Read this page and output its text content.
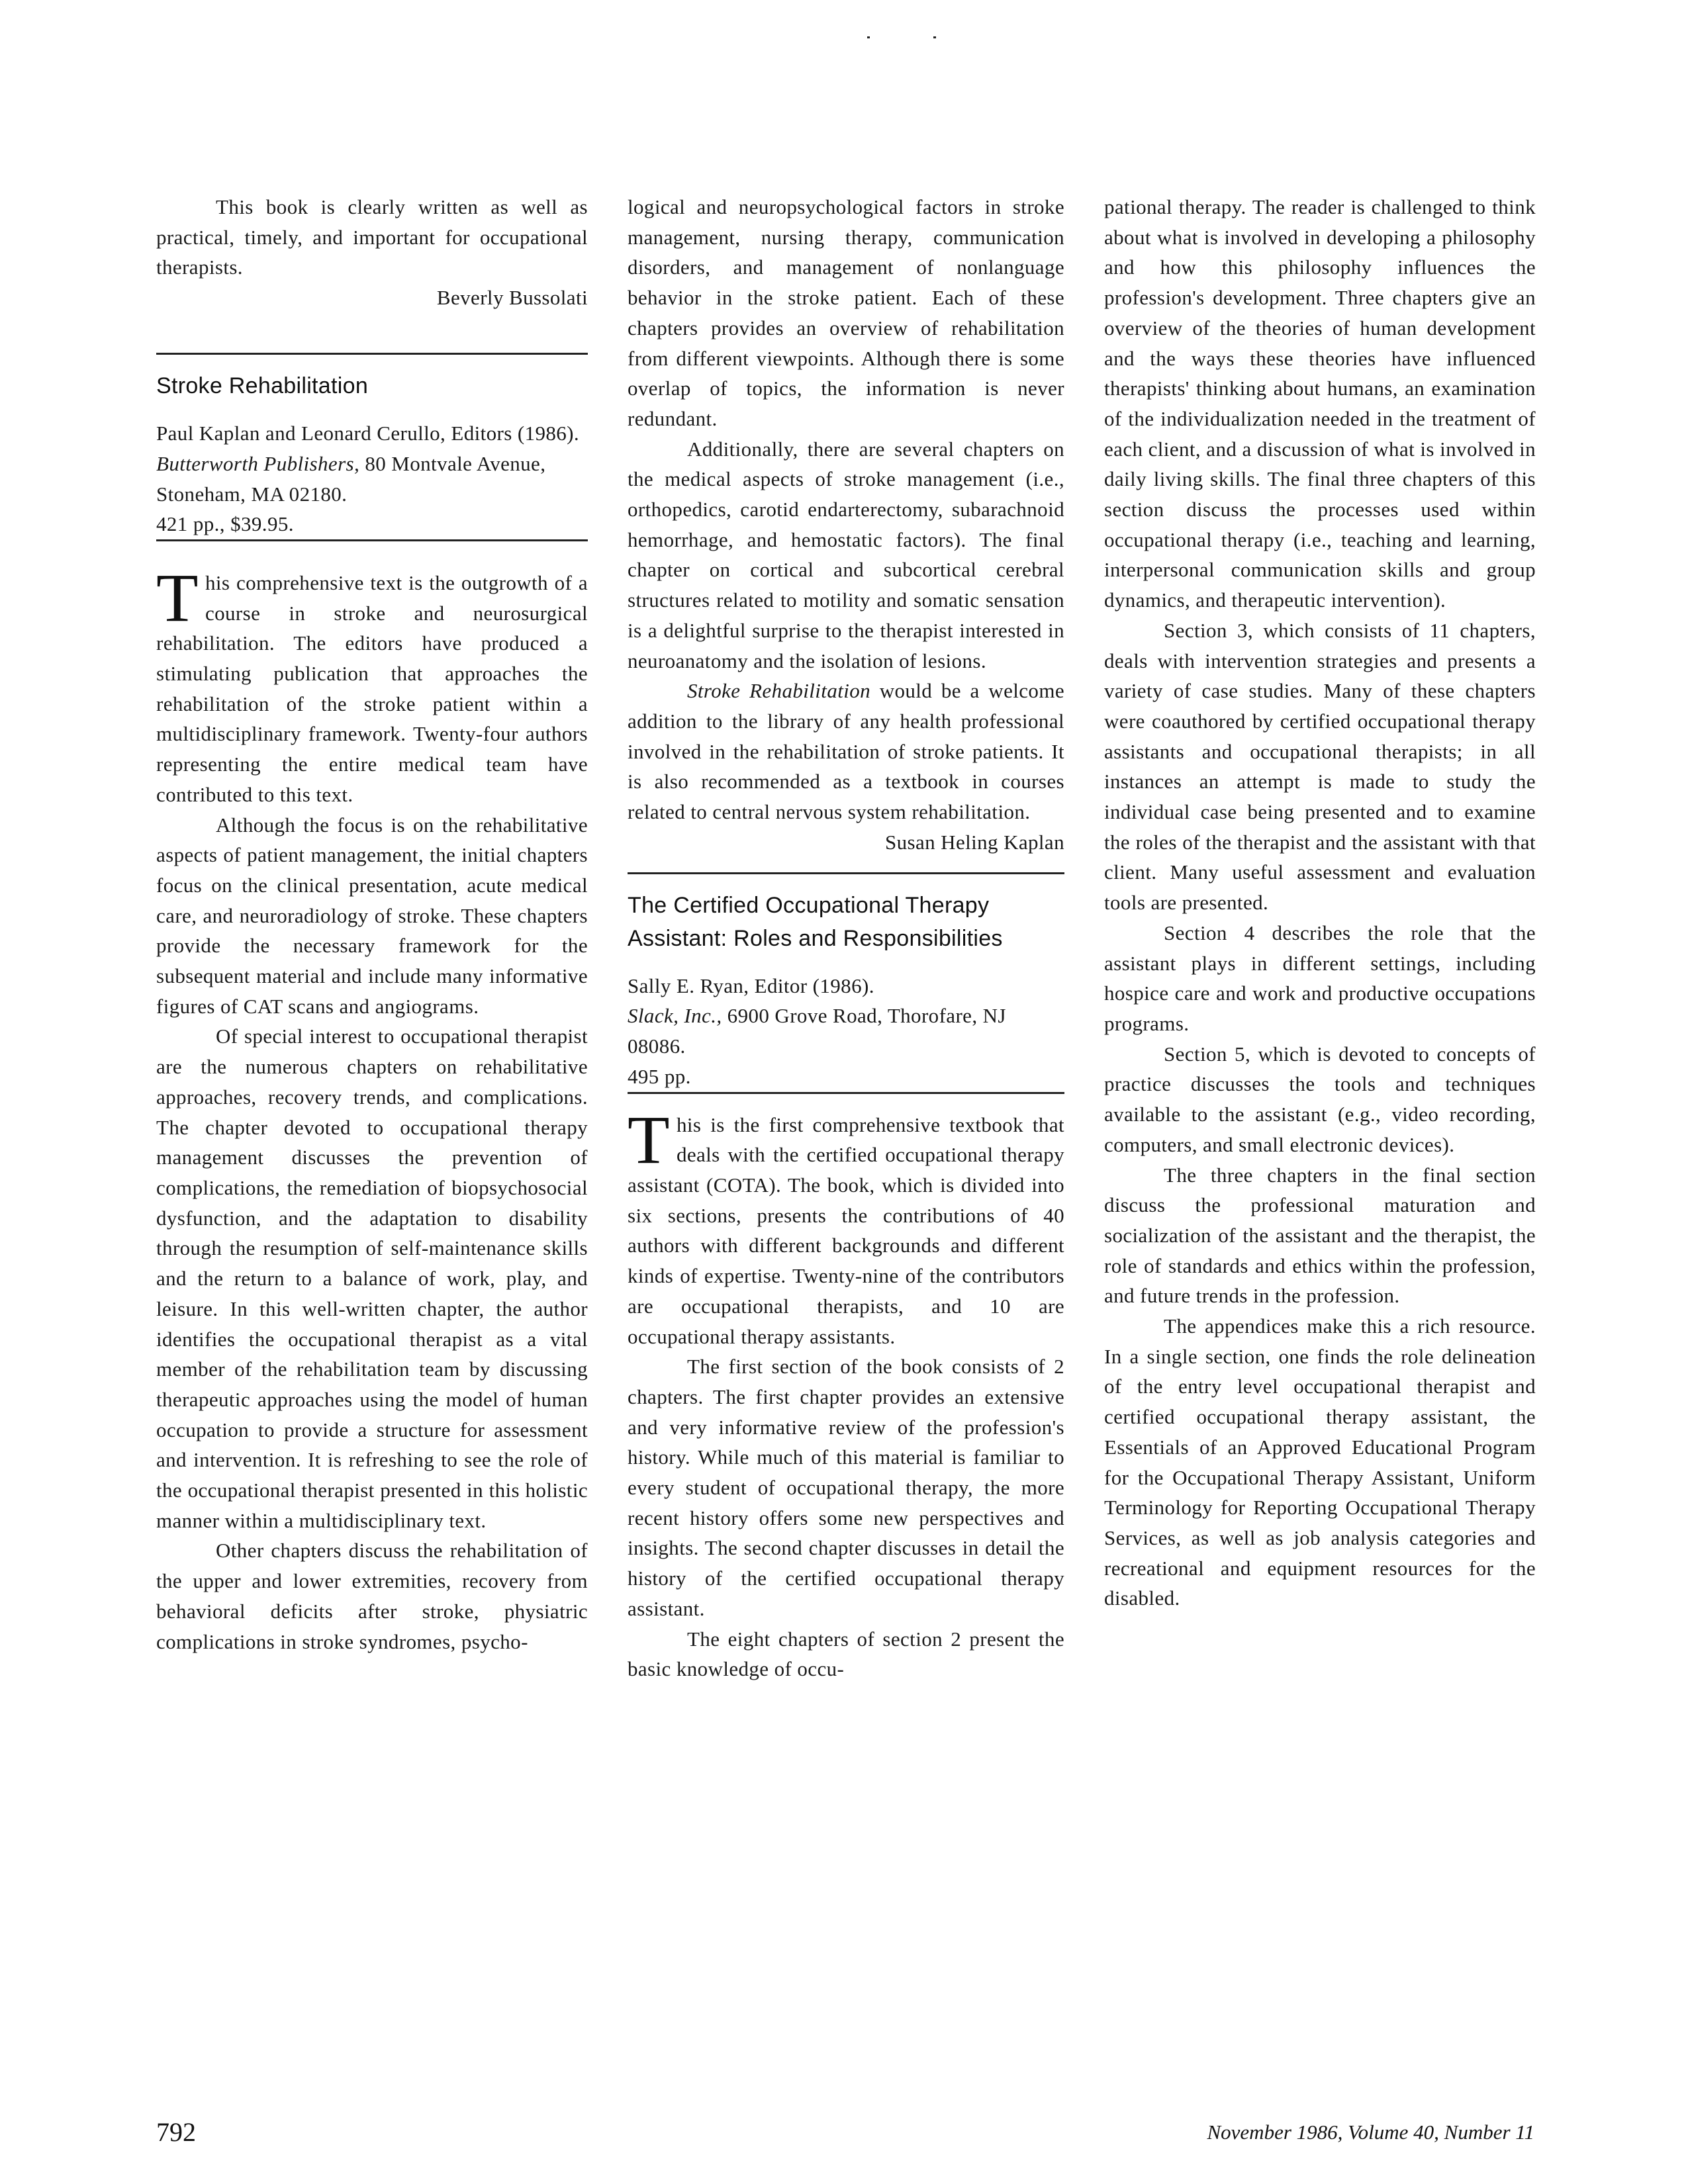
This book is clearly written as well as practical, timely, and important for occupational therapists.

Beverly Bussolati

Stroke Rehabilitation
Paul Kaplan and Leonard Cerullo, Editors (1986).
Butterworth Publishers, 80 Montvale Avenue, Stoneham, MA 02180.
421 pp., $39.95.

This comprehensive text is the outgrowth of a course in stroke and neurosurgical rehabilitation. The editors have produced a stimulating publication that approaches the rehabilitation of the stroke patient within a multidisciplinary framework. Twenty-four authors representing the entire medical team have contributed to this text.

Although the focus is on the rehabilitative aspects of patient management, the initial chapters focus on the clinical presentation, acute medical care, and neuroradiology of stroke. These chapters provide the necessary framework for the subsequent material and include many informative figures of CAT scans and angiograms.

Of special interest to occupational therapist are the numerous chapters on rehabilitative approaches, recovery trends, and complications. The chapter devoted to occupational therapy management discusses the prevention of complications, the remediation of biopsychosocial dysfunction, and the adaptation to disability through the resumption of self-maintenance skills and the return to a balance of work, play, and leisure. In this well-written chapter, the author identifies the occupational therapist as a vital member of the rehabilitation team by discussing therapeutic approaches using the model of human occupation to provide a structure for assessment and intervention. It is refreshing to see the role of the occupational therapist presented in this holistic manner within a multidisciplinary text.

Other chapters discuss the rehabilitation of the upper and lower extremities, recovery from behavioral deficits after stroke, physiatric complications in stroke syndromes, psycho-

logical and neuropsychological factors in stroke management, nursing therapy, communication disorders, and management of nonlanguage behavior in the stroke patient. Each of these chapters provides an overview of rehabilitation from different viewpoints. Although there is some overlap of topics, the information is never redundant.

Additionally, there are several chapters on the medical aspects of stroke management (i.e., orthopedics, carotid endarterectomy, subarachnoid hemorrhage, and hemostatic factors). The final chapter on cortical and subcortical cerebral structures related to motility and somatic sensation is a delightful surprise to the therapist interested in neuroanatomy and the isolation of lesions.

Stroke Rehabilitation would be a welcome addition to the library of any health professional involved in the rehabilitation of stroke patients. It is also recommended as a textbook in courses related to central nervous system rehabilitation.

Susan Heling Kaplan

The Certified Occupational Therapy Assistant: Roles and Responsibilities
Sally E. Ryan, Editor (1986).
Slack, Inc., 6900 Grove Road, Thorofare, NJ 08086.
495 pp.

This is the first comprehensive textbook that deals with the certified occupational therapy assistant (COTA). The book, which is divided into six sections, presents the contributions of 40 authors with different backgrounds and different kinds of expertise. Twenty-nine of the contributors are occupational therapists, and 10 are occupational therapy assistants.

The first section of the book consists of 2 chapters. The first chapter provides an extensive and very informative review of the profession's history. While much of this material is familiar to every student of occupational therapy, the more recent history offers some new perspectives and insights. The second chapter discusses in detail the history of the certified occupational therapy assistant.

The eight chapters of section 2 present the basic knowledge of occu-

pational therapy. The reader is challenged to think about what is involved in developing a philosophy and how this philosophy influences the profession's development. Three chapters give an overview of the theories of human development and the ways these theories have influenced therapists' thinking about humans, an examination of the individualization needed in the treatment of each client, and a discussion of what is involved in daily living skills. The final three chapters of this section discuss the processes used within occupational therapy (i.e., teaching and learning, interpersonal communication skills and group dynamics, and therapeutic intervention).

Section 3, which consists of 11 chapters, deals with intervention strategies and presents a variety of case studies. Many of these chapters were coauthored by certified occupational therapy assistants and occupational therapists; in all instances an attempt is made to study the individual case being presented and to examine the roles of the therapist and the assistant with that client. Many useful assessment and evaluation tools are presented.

Section 4 describes the role that the assistant plays in different settings, including hospice care and work and productive occupations programs.

Section 5, which is devoted to concepts of practice discusses the tools and techniques available to the assistant (e.g., video recording, computers, and small electronic devices).

The three chapters in the final section discuss the professional maturation and socialization of the assistant and the therapist, the role of standards and ethics within the profession, and future trends in the profession.

The appendices make this a rich resource. In a single section, one finds the role delineation of the entry level occupational therapist and certified occupational therapy assistant, the Essentials of an Approved Educational Program for the Occupational Therapy Assistant, Uniform Terminology for Reporting Occupational Therapy Services, as well as job analysis categories and recreational and equipment resources for the disabled.

792	November 1986, Volume 40, Number 11
